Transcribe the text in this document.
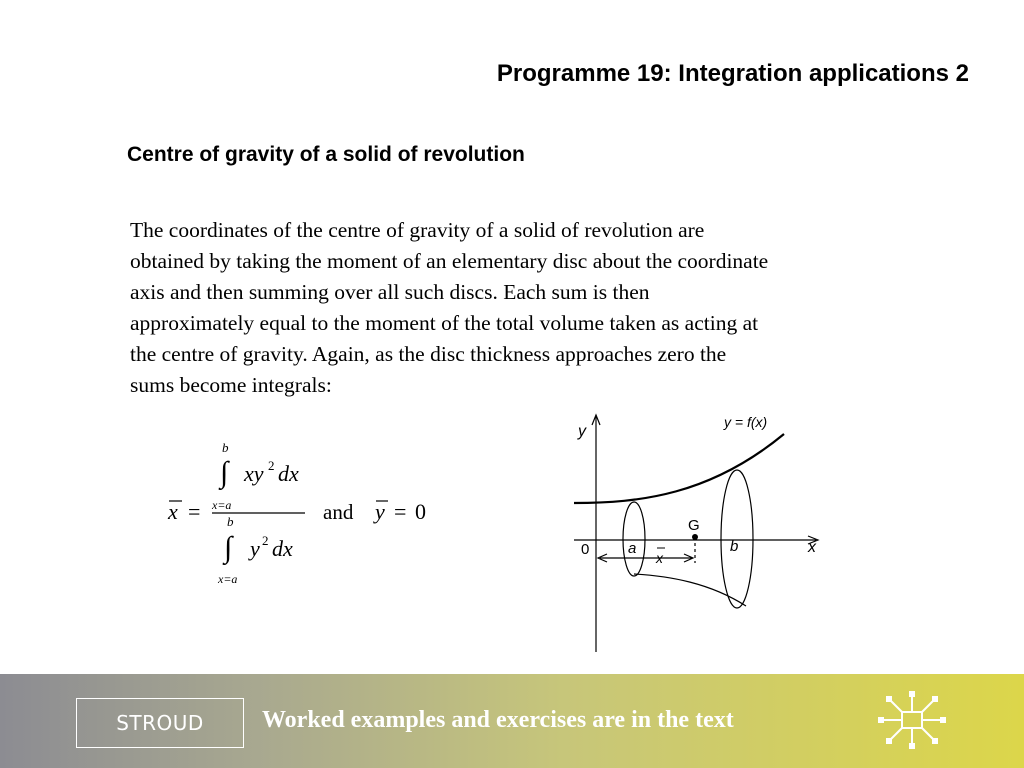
Programme 19: Integration applications 2
Centre of gravity of a solid of revolution
The coordinates of the centre of gravity of a solid of revolution are
obtained by taking the moment of an elementary disc about the coordinate
axis and then summing over all such discs. Each sum is then
approximately equal to the moment of the total volume taken as acting at
the centre of gravity. Again, as the disc thickness approaches zero the
sums become integrals:
x =
b
∫
x=a
xy 2 dx
b
∫
x=a
y 2 dx
and y = 0
y
x
y = f(x)
0	a	b
G
x
STROUD	Worked examples and exercises are in the text
